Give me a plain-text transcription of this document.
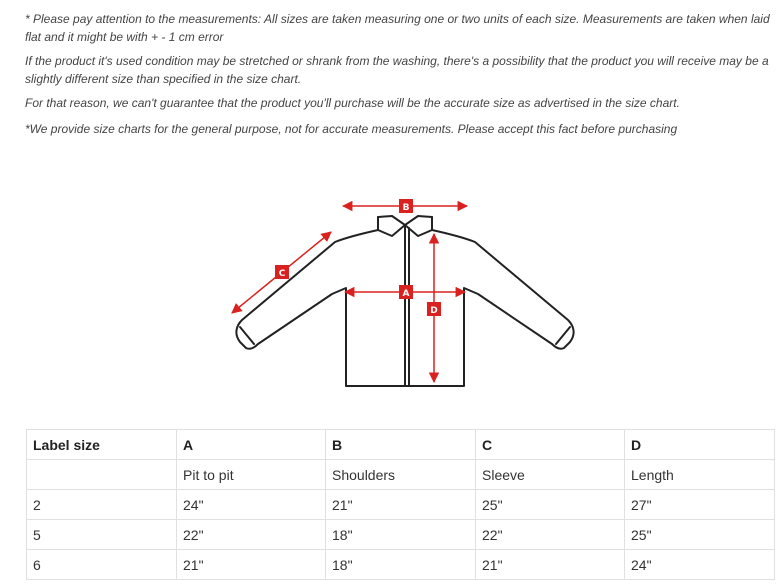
* Please pay attention to the measurements: All sizes are taken measuring one or two units of each size. Measurements are taken when laid flat and it might be with + - 1 cm error

If the product it's used condition may be stretched or shrank from the washing, there's a possibility that the product you will receive may be a slightly different size than specified in the size chart.

For that reason, we can't guarantee that the product you'll purchase will be the accurate size as advertised in the size chart.

*We provide size charts for the general purpose, not for accurate measurements. Please accept this fact before purchasing

B
A
C
D
Label size	A	B	C	D
	Pit to pit	Shoulders	Sleeve	Length
2	24"	21"	25"	27"
5	22"	18"	22"	25"
6	21"	18"	21"	24"
